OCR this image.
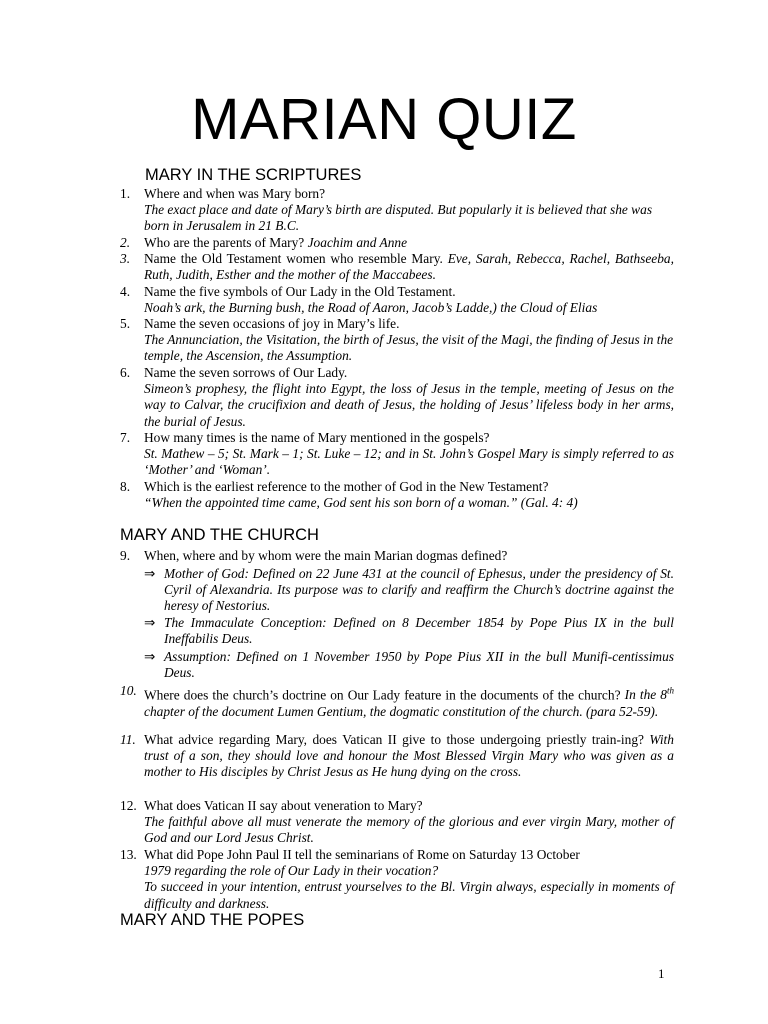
MARIAN QUIZ
MARY IN THE SCRIPTURES
1. Where and when was Mary born?
The exact place and date of Mary’s birth are disputed. But popularly it is believed that she was born in Jerusalem in 21 B.C.
2. Who are the parents of Mary? Joachim and Anne
3. Name the Old Testament women who resemble Mary. Eve, Sarah, Rebecca, Rachel, Bathseeba, Ruth, Judith, Esther and the mother of the Maccabees.
4. Name the five symbols of Our Lady in the Old Testament.
Noah’s ark, the Burning bush, the Road of Aaron, Jacob’s Ladde,) the Cloud of Elias
5. Name the seven occasions of joy in Mary’s life.
The Annunciation, the Visitation, the birth of Jesus, the visit of the Magi, the finding of Jesus in the temple, the Ascension, the Assumption.
6. Name the seven sorrows of Our Lady.
Simeon’s prophesy, the flight into Egypt, the loss of Jesus in the temple, meeting of Jesus on the way to Calvar, the crucifixion and death of Jesus, the holding of Jesus’ lifeless body in her arms, the burial of Jesus.
7. How many times is the name of Mary mentioned in the gospels?
St. Mathew – 5; St. Mark – 1; St. Luke – 12; and in St. John’s Gospel Mary is simply referred to as ‘Mother’ and ‘Woman’.
8. Which is the earliest reference to the mother of God in the New Testament?
“When the appointed time came, God sent his son born of a woman.” (Gal. 4: 4)
MARY AND THE CHURCH
9. When, where and by whom were the main Marian dogmas defined?
⇒ Mother of God: Defined on 22 June 431 at the council of Ephesus, under the presidency of St. Cyril of Alexandria. Its purpose was to clarify and reaffirm the Church’s doctrine against the heresy of Nestorius.
⇒ The Immaculate Conception: Defined on 8 December 1854 by Pope Pius IX in the bull Ineffabilis Deus.
⇒ Assumption: Defined on 1 November 1950 by Pope Pius XII in the bull Munifi-centissimus Deus.
10. Where does the church’s doctrine on Our Lady feature in the documents of the church? In the 8th chapter of the document Lumen Gentium, the dogmatic constitution of the church. (para 52-59).
11. What advice regarding Mary, does Vatican II give to those undergoing priestly train-ing? With trust of a son, they should love and honour the Most Blessed Virgin Mary who was given as a mother to His disciples by Christ Jesus as He hung dying on the cross.
12. What does Vatican II say about veneration to Mary?
The faithful above all must venerate the memory of the glorious and ever virgin Mary, mother of God and our Lord Jesus Christ.
13. What did Pope John Paul II tell the seminarians of Rome on Saturday 13 October
1979 regarding the role of Our Lady in their vocation?
To succeed in your intention, entrust yourselves to the Bl. Virgin always, especially in moments of difficulty and darkness.
MARY AND THE POPES
1
